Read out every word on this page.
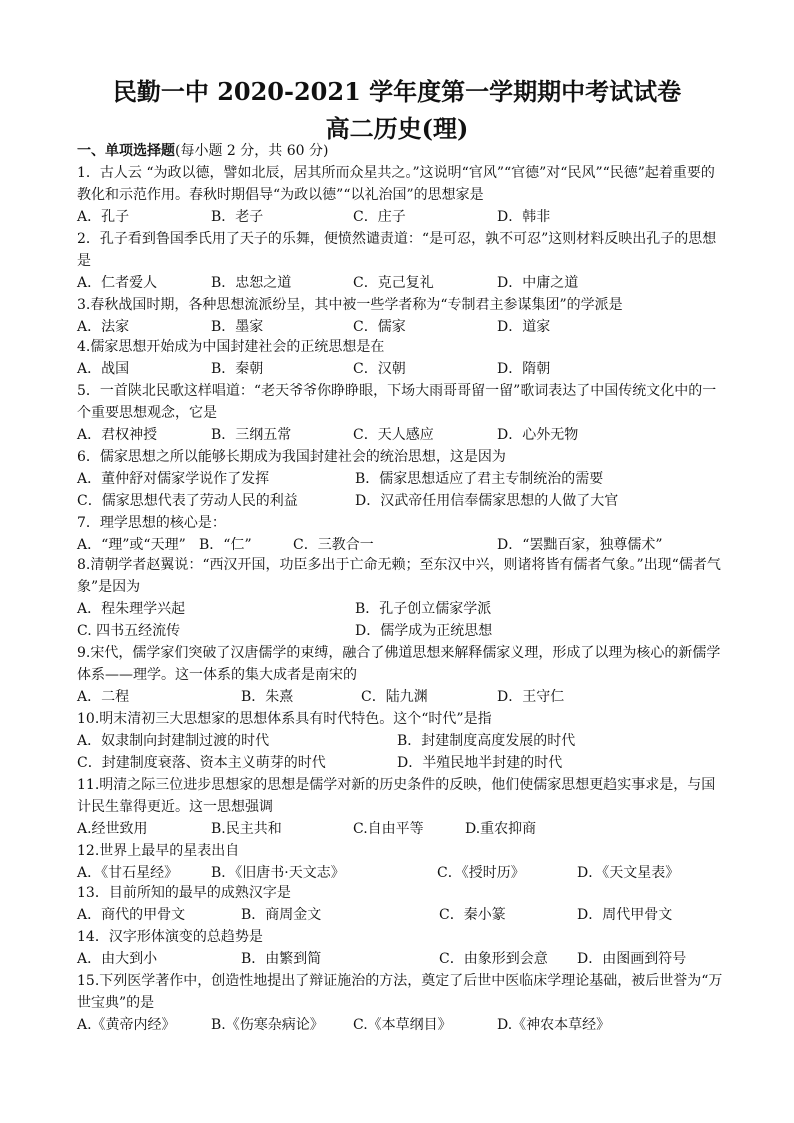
民勤一中 2020-2021 学年度第一学期期中考试试卷
高二历史(理)
一、单项选择题(每小题 2 分，共 60 分)
1．古人云 “为政以德，譬如北辰，居其所而众星共之。”这说明“官风”“官德”对“民风”“民德”起着重要的教化和示范作用。春秋时期倡导“为政以德”“以礼治国”的思想家是
A．孔子	B．老子	C．庄子	D．韩非
2．孔子看到鲁国季氏用了天子的乐舞，便愤然谴责道：“是可忍，孰不可忍”这则材料反映出孔子的思想是
A．仁者爱人	B．忠恕之道	C．克己复礼	D．中庸之道
3.春秋战国时期，各种思想流派纷呈，其中被一些学者称为“专制君主参谋集团”的学派是
A．法家	B．墨家	C．儒家	D．道家
4.儒家思想开始成为中国封建社会的正统思想是在
A．战国	B．秦朝	C．汉朝	D．隋朝
5．一首陕北民歌这样唱道：“老天爷爷你睁睁眼，下场大雨哥哥留一留”歌词表达了中国传统文化中的一个重要思想观念，它是
A．君权神授	B．三纲五常	C．天人感应	D．心外无物
6．儒家思想之所以能够长期成为我国封建社会的统治思想，这是因为
A．董仲舒对儒家学说作了发挥	B．儒家思想适应了君主专制统治的需要
C．儒家思想代表了劳动人民的利益	D．汉武帝任用信奉儒家思想的人做了大官
7．理学思想的核心是：
A．“理”或“天理” B．“仁”	C．三教合一	D．“罢黜百家，独尊儒术”
8.清朝学者赵翼说：“西汉开国，功臣多出于亡命无赖；至东汉中兴，则诸将皆有儒者气象。”出现“儒者气象”是因为
A．程朱理学兴起	B．孔子创立儒家学派
C. 四书五经流传	D．儒学成为正统思想
9.宋代，儒学家们突破了汉唐儒学的束缚，融合了佛道思想来解释儒家义理，形成了以理为核心的新儒学体系——理学。这一体系的集大成者是南宋的
A．二程	B．朱熹	C．陆九渊	D．王守仁
10.明末清初三大思想家的思想体系具有时代特色。这个“时代”是指
A．奴隶制向封建制过渡的时代	B．封建制度高度发展的时代
C．封建制度衰落、资本主义萌芽的时代	D．半殖民地半封建的时代
11.明清之际三位进步思想家的思想是儒学对新的历史条件的反映，他们使儒家思想更趋实事求是，与国计民生靠得更近。这一思想强调
A.经世致用	B.民主共和	C.自由平等	D.重农抑商
12.世界上最早的星表出自
A．《甘石星经》 B．《旧唐书·天文志》	C．《授时历》	D．《天文星表》
13．目前所知的最早的成熟汉字是
A．商代的甲骨文	B．商周金文	C．秦小篆	D．周代甲骨文
14．汉字形体演变的总趋势是
A．由大到小	B．由繁到简	C．由象形到会意 D．由图画到符号
15.下列医学著作中，创造性地提出了辩证施治的方法，奠定了后世中医临床学理论基础，被后世誉为“万世宝典”的是
A.《黄帝内经》	B.《伤寒杂病论》 C.《本草纲目》	D.《神农本草经》
